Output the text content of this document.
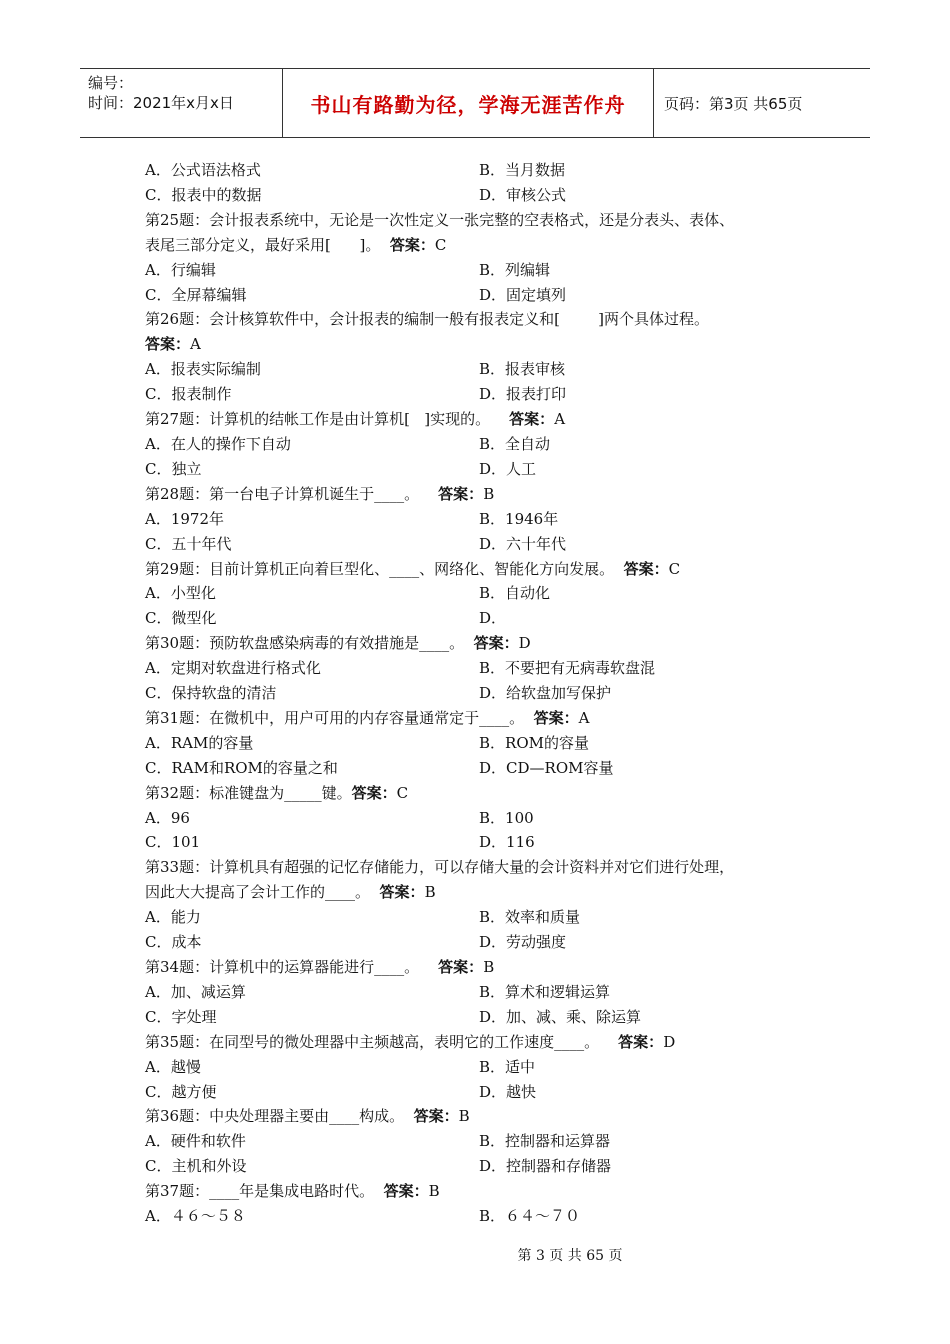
编号：
时间：2021年x月x日	书山有路勤为径，学海无涯苦作舟	页码：第3页 共65页
A．公式语法格式	B．当月数据
C．报表中的数据	D．审核公式
第25题：会计报表系统中，无论是一次性定义一张完整的空表格式，还是分表头、表体、
表尾三部分定义，最好采用[      ]。  答案：C
A．行编辑	B．列编辑
C．全屏幕编辑	D．固定填列
第26题：会计核算软件中，会计报表的编制一般有报表定义和[        ]两个具体过程。
答案：A
A．报表实际编制	B．报表审核
C．报表制作	D．报表打印
第27题：计算机的结帐工作是由计算机[   ]实现的。    答案：A
A．在人的操作下自动	B．全自动
C．独立	D．人工
第28题：第一台电子计算机诞生于____。    答案：B
A．1972年	B．1946年
C．五十年代	D．六十年代
第29题：目前计算机正向着巨型化、____、网络化、智能化方向发展。  答案：C
A．小型化	B．自动化
C．微型化	D．
第30题：预防软盘感染病毒的有效措施是____。  答案：D
A．定期对软盘进行格式化	B．不要把有无病毒软盘混
C．保持软盘的清洁	D．给软盘加写保护
第31题：在微机中，用户可用的内存容量通常定于____。  答案：A
A．RAM的容量	B．ROM的容量
C．RAM和ROM的容量之和	D．CD—ROM容量
第32题：标准键盘为_____键。答案：C
A．96	B．100
C．101	D．116
第33题：计算机具有超强的记忆存储能力，可以存储大量的会计资料并对它们进行处理，
因此大大提高了会计工作的____。  答案：B
A．能力	B．效率和质量
C．成本	D．劳动强度
第34题：计算机中的运算器能进行____。    答案：B
A．加、减运算	B．算术和逻辑运算
C．字处理	D．加、减、乘、除运算
第35题：在同型号的微处理器中主频越高，表明它的工作速度____。    答案：D
A．越慢	B．适中
C．越方便	D．越快
第36题：中央处理器主要由____构成。  答案：B
A．硬件和软件	B．控制器和运算器
C．主机和外设	D．控制器和存储器
第37题：____年是集成电路时代。  答案：B
A．４６～５８	B．６４～７０
第 3 页 共 65 页
